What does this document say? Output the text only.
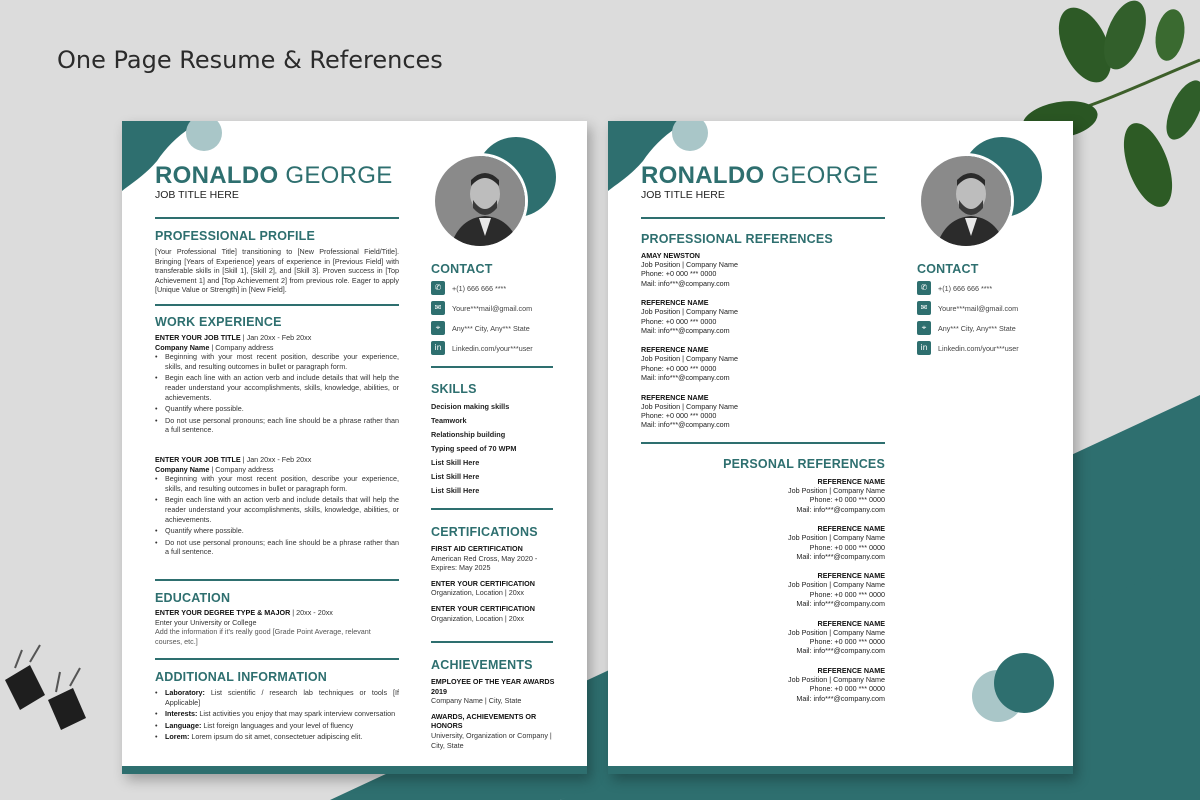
One Page Resume & References
RONALDO GEORGE
JOB TITLE HERE
PROFESSIONAL PROFILE
[Your Professional Title] transitioning to [New Professional Field/Title]. Bringing [Years of Experience] years of experience in [Previous Field] with transferable skills in [Skill 1], [Skill 2], and [Skill 3]. Proven success in [Top Achievement 1] and [Top Achievement 2] from previous role. Eager to apply [Unique Value or Strength] in [New Field].
WORK EXPERIENCE
ENTER YOUR JOB TITLE | Jan 20xx - Feb 20xx
Company Name | Company address
• Beginning with your most recent position, describe your experience, skills, and resulting outcomes in bullet or paragraph form.
• Begin each line with an action verb and include details that will help the reader understand your accomplishments, skills, knowledge, abilities, or achievements.
• Quantify where possible.
• Do not use personal pronouns; each line should be a phrase rather than a full sentence.
ENTER YOUR JOB TITLE | Jan 20xx - Feb 20xx
Company Name | Company address
• Beginning with your most recent position, describe your experience, skills, and resulting outcomes in bullet or paragraph form.
• Begin each line with an action verb and include details that will help the reader understand your accomplishments, skills, knowledge, abilities, or achievements.
• Quantify where possible.
• Do not use personal pronouns; each line should be a phrase rather than a full sentence.
EDUCATION
ENTER YOUR DEGREE TYPE & MAJOR | 20xx - 20xx
Enter your University or College
Add the information if it's really good [Grade Point Average, relevant courses, etc.]
ADDITIONAL INFORMATION
• Laboratory: List scientific / research lab techniques or tools [If Applicable]
• Interests: List activities you enjoy that may spark interview conversation
• Language: List foreign languages and your level of fluency
• Lorem: Lorem ipsum do sit amet, consectetuer adipiscing elit.
CONTACT
✆	+(1) 666 666 ****
✉	Youre***mail@gmail.com
⌖	Any*** City, Any*** State
in	Linkedin.com/your***user
SKILLS
Decision making skills
Teamwork
Relationship building
Typing speed of 70 WPM
List Skill Here
List Skill Here
List Skill Here
CERTIFICATIONS
FIRST AID CERTIFICATION
American Red Cross, May 2020 - Expires: May 2025
ENTER YOUR CERTIFICATION
Organization, Location | 20xx
ENTER YOUR CERTIFICATION
Organization, Location | 20xx
ACHIEVEMENTS
EMPLOYEE OF THE YEAR AWARDS 2019
Company Name | City, State
AWARDS, ACHIEVEMENTS OR HONORS
University, Organization or Company | City, State
RONALDO GEORGE
JOB TITLE HERE
PROFESSIONAL REFERENCES
AMAY NEWSTON
Job Position | Company Name
Phone: +0 000 *** 0000
Mail: info***@company.com
REFERENCE NAME
Job Position | Company Name
Phone: +0 000 *** 0000
Mail: info***@company.com
REFERENCE NAME
Job Position | Company Name
Phone: +0 000 *** 0000
Mail: info***@company.com
REFERENCE NAME
Job Position | Company Name
Phone: +0 000 *** 0000
Mail: info***@company.com
PERSONAL REFERENCES
REFERENCE NAME
Job Position | Company Name
Phone: +0 000 *** 0000
Mail: info***@company.com
REFERENCE NAME
Job Position | Company Name
Phone: +0 000 *** 0000
Mail: info***@company.com
REFERENCE NAME
Job Position | Company Name
Phone: +0 000 *** 0000
Mail: info***@company.com
REFERENCE NAME
Job Position | Company Name
Phone: +0 000 *** 0000
Mail: info***@company.com
REFERENCE NAME
Job Position | Company Name
Phone: +0 000 *** 0000
Mail: info***@company.com
CONTACT
✆	+(1) 666 666 ****
✉	Youre***mail@gmail.com
⌖	Any*** City, Any*** State
in	Linkedin.com/your***user
